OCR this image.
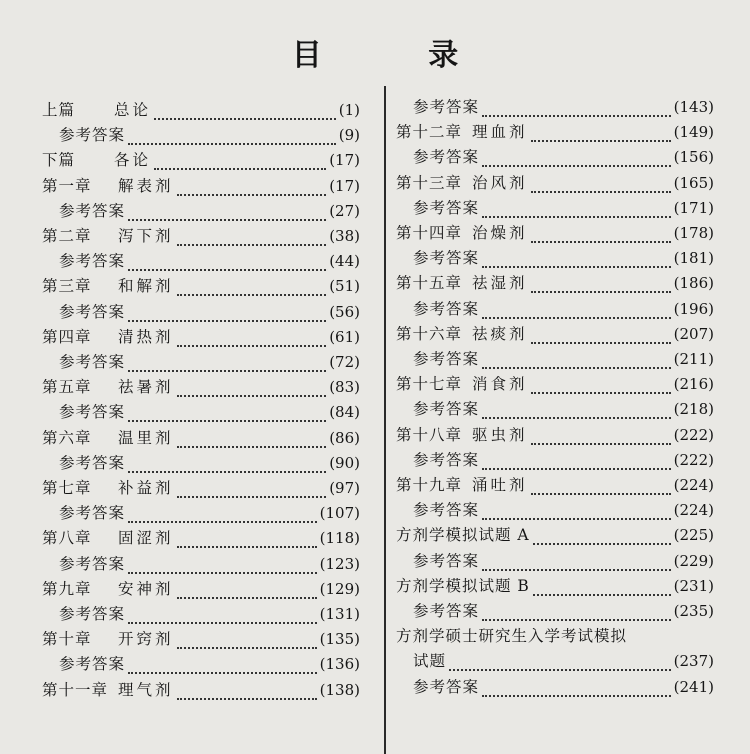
目 录
上篇	总论	(1)
参考答案	(9)
下篇	各论	(17)
第一章 解表剂	(17)
参考答案	(27)
第二章 泻下剂	(38)
参考答案	(44)
第三章 和解剂	(51)
参考答案	(56)
第四章 清热剂	(61)
参考答案	(72)
第五章 祛暑剂	(83)
参考答案	(84)
第六章 温里剂	(86)
参考答案	(90)
第七章 补益剂	(97)
参考答案	(107)
第八章 固涩剂	(118)
参考答案	(123)
第九章 安神剂	(129)
参考答案	(131)
第十章 开窍剂	(135)
参考答案	(136)
第十一章 理气剂	(138)
参考答案	(143)
第十二章 理血剂	(149)
参考答案	(156)
第十三章 治风剂	(165)
参考答案	(171)
第十四章 治燥剂	(178)
参考答案	(181)
第十五章 祛湿剂	(186)
参考答案	(196)
第十六章 祛痰剂	(207)
参考答案	(211)
第十七章 消食剂	(216)
参考答案	(218)
第十八章 驱虫剂	(222)
参考答案	(222)
第十九章 涌吐剂	(224)
参考答案	(224)
方剂学模拟试题 A	(225)
参考答案	(229)
方剂学模拟试题 B	(231)
参考答案	(235)
方剂学硕士研究生入学考试模拟
试题	(237)
参考答案	(241)
